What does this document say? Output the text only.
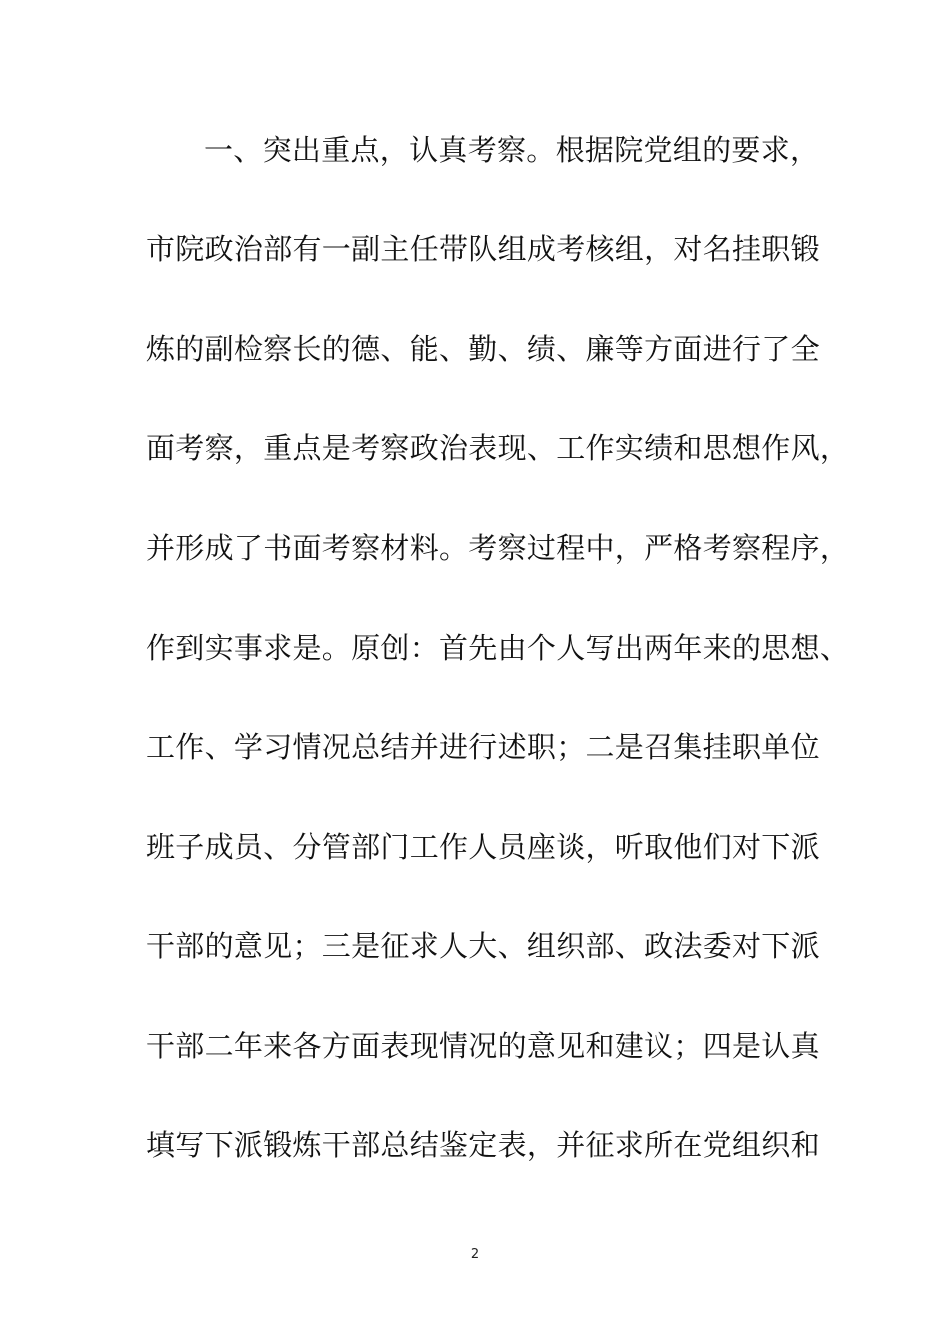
一、突出重点，认真考察。根据院党组的要求，
市院政治部有一副主任带队组成考核组，对名挂职锻
炼的副检察长的德、能、勤、绩、廉等方面进行了全
面考察，重点是考察政治表现、工作实绩和思想作风，
并形成了书面考察材料。考察过程中，严格考察程序，
作到实事求是。原创：首先由个人写出两年来的思想、
工作、学习情况总结并进行述职；二是召集挂职单位
班子成员、分管部门工作人员座谈，听取他们对下派
干部的意见；三是征求人大、组织部、政法委对下派
干部二年来各方面表现情况的意见和建议；四是认真
填写下派锻炼干部总结鉴定表，并征求所在党组织和
2
